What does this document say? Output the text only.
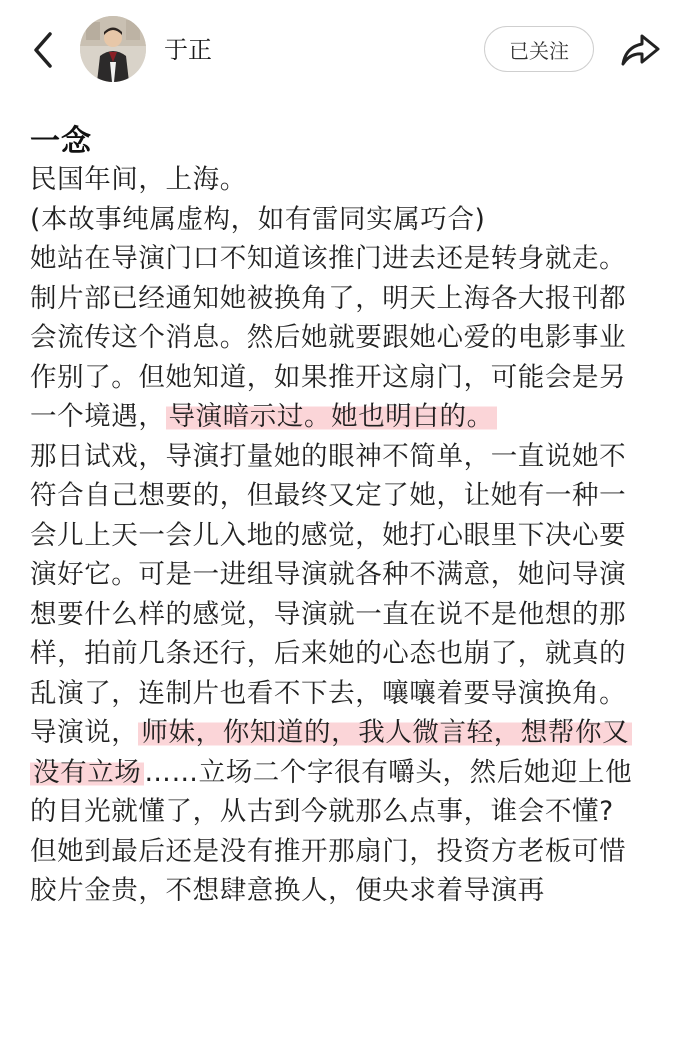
于正	已关注
一念

民国年间，上海。

(本故事纯属虚构，如有雷同实属巧合)

她站在导演门口不知道该推门进去还是转身就走。

制片部已经通知她被换角了，明天上海各大报刊都

会流传这个消息。然后她就要跟她心爱的电影事业

作别了。但她知道，如果推开这扇门，可能会是另

一个境遇， 导演暗示过。她也明白的。

那日试戏，导演打量她的眼神不简单，一直说她不

符合自己想要的，但最终又定了她，让她有一种一

会儿上天一会儿入地的感觉，她打心眼里下决心要

演好它。可是一进组导演就各种不满意，她问导演

想要什么样的感觉，导演就一直在说不是他想的那

样，拍前几条还行，后来她的心态也崩了，就真的

乱演了，连制片也看不下去，嚷嚷着要导演换角。

导演说， 师妹，你知道的，我人微言轻，想帮你又

没有立场 ……立场二个字很有嚼头，然后她迎上他

的目光就懂了，从古到今就那么点事，谁会不懂?

但她到最后还是没有推开那扇门，投资方老板可惜

胶片金贵，不想肆意换人，便央求着导演再
